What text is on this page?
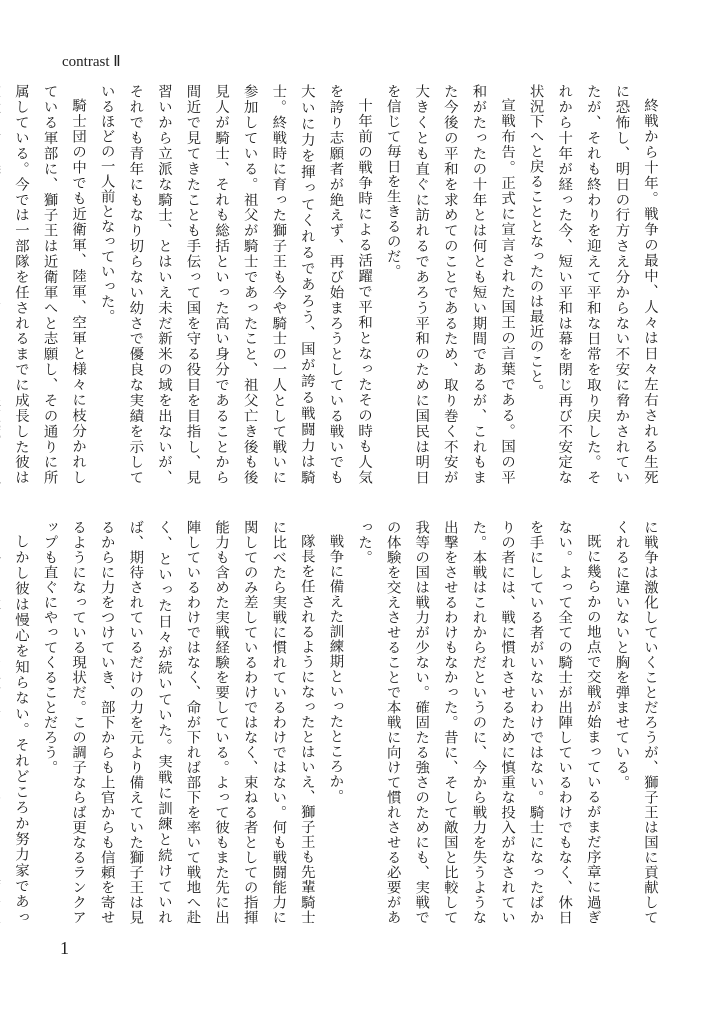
contrast Ⅱ

終戦から十年。戦争の最中、人々は日々左右される生死に恐怖し、明日の行方さえ分からない不安に脅かされていたが、それも終わりを迎えて平和な日常を取り戻した。それから十年が経った今、短い平和は幕を閉じ再び不安定な状況下へと戻ることとなったのは最近のこと。

宣戦布告。正式に宣言された国王の言葉である。国の平和がたったの十年とは何とも短い期間であるが、これもまた今後の平和を求めてのことであるため、取り巻く不安が大きくとも直ぐに訪れるであろう平和のために国民は明日を信じて毎日を生きるのだ。

十年前の戦争時による活躍で平和となったその時も人気を誇り志願者が絶えず、再び始まろうとしている戦いでも大いに力を揮ってくれるであろう、国が誇る戦闘力は騎士。終戦時に育った獅子王も今や騎士の一人として戦いに参加している。祖父が騎士であったこと、祖父亡き後も後見人が騎士、それも総括といった高い身分であることから間近で見てきたことも手伝って国を守る役目を目指し、見習いから立派な騎士、とはいえ未だ新米の域を出ないが、それでも青年にもなり切らない幼さで優良な実績を示しているほどの一人前となっていった。

騎士団の中でも近衛軍、陸軍、空軍と様々に枝分かれしている軍部に、獅子王は近衛軍へと志願し、その通りに所属している。今では一部隊を任されるまでに成長した彼は

に戦争は激化していくことだろうが、獅子王は国に貢献してくれるに違いないと胸を弾ませている。

既に幾らかの地点で交戦が始まっているがまだ序章に過ぎない。よって全ての騎士が出陣しているわけでもなく、休日を手にしている者がいないわけではない。騎士になったばかりの者には、戦に慣れさせるために慎重な投入がなされていた。本戦はこれからだというのに、今から戦力を失うような出撃をさせるわけもなかった。昔に、そして敵国と比較して我等の国は戦力が少ない。確固たる強さのためにも、実戦での体験を交えさせることで本戦に向けて慣れさせる必要があった。

戦争に備えた訓練期といったところか。

隊長を任されるようになったとはいえ、獅子王も先輩騎士に比べたら実戦に慣れているわけではない。何も戦闘能力に関してのみ差しているわけではなく、束ねる者としての指揮能力も含めた実戦経験を要している。よって彼もまた先に出陣しているわけではなく、命が下れば部下を率いて戦地へ赴く、といった日々が続いていた。実戦に訓練と続けていれば、期待されているだけの力を元より備えていた獅子王は見るからに力をつけていき、部下からも上官からも信頼を寄せるようになっている現状だ。この調子ならば更なるランクアップも直ぐにやってくることだろう。

しかし彼は慢心を知らない。それどころか努力家であっ

1
